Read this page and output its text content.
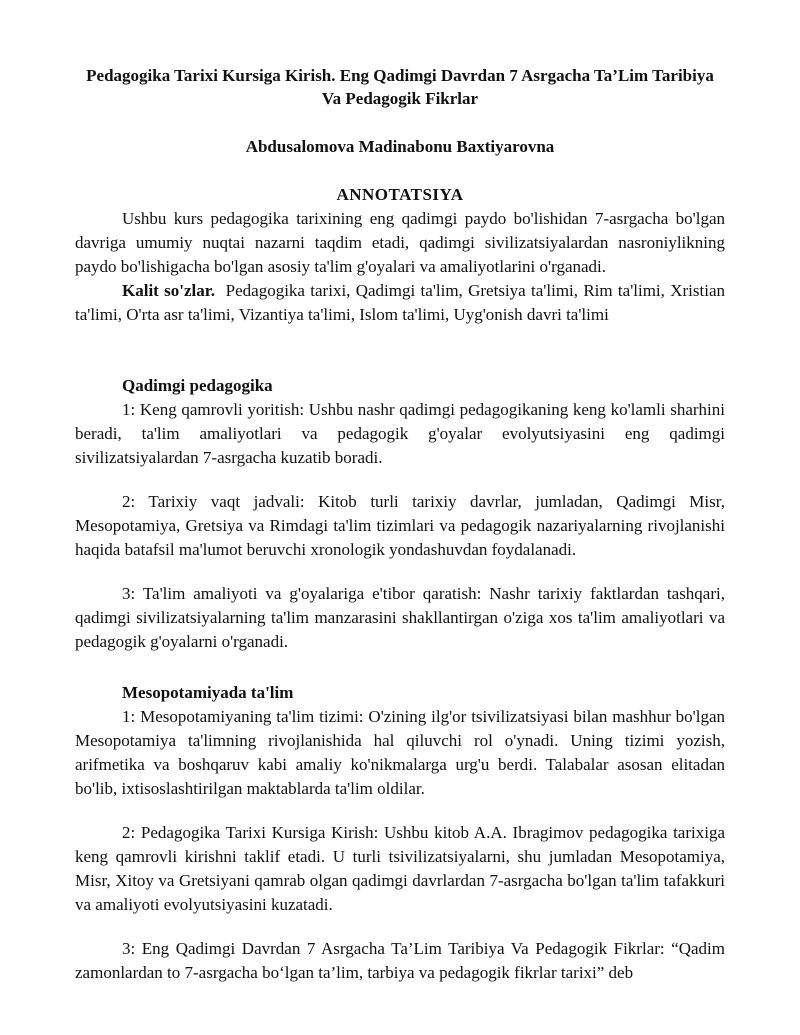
Pedagogika Tarixi Kursiga Kirish. Eng Qadimgi Davrdan 7 Asrgacha Ta’Lim Taribiya Va Pedagogik Fikrlar

Abdusalomova Madinabonu Baxtiyarovna

ANNOTATSIYA

Ushbu kurs pedagogika tarixining eng qadimgi paydo bo'lishidan 7-asrgacha bo'lgan davriga umumiy nuqtai nazarni taqdim etadi, qadimgi sivilizatsiyalardan nasroniylikning paydo bo'lishigacha bo'lgan asosiy ta'lim g'oyalari va amaliyotlarini o'rganadi.

Kalit so'zlar. Pedagogika tarixi, Qadimgi ta'lim, Gretsiya ta'limi, Rim ta'limi, Xristian ta'limi, O'rta asr ta'limi, Vizantiya ta'limi, Islom ta'limi, Uyg'onish davri ta'limi

Qadimgi pedagogika

1: Keng qamrovli yoritish: Ushbu nashr qadimgi pedagogikaning keng ko'lamli sharhini beradi, ta'lim amaliyotlari va pedagogik g'oyalar evolyutsiyasini eng qadimgi sivilizatsiyalardan 7-asrgacha kuzatib boradi.

2: Tarixiy vaqt jadvali: Kitob turli tarixiy davrlar, jumladan, Qadimgi Misr, Mesopotamiya, Gretsiya va Rimdagi ta'lim tizimlari va pedagogik nazariyalarning rivojlanishi haqida batafsil ma'lumot beruvchi xronologik yondashuvdan foydalanadi.

3: Ta'lim amaliyoti va g'oyalariga e'tibor qaratish: Nashr tarixiy faktlardan tashqari, qadimgi sivilizatsiyalarning ta'lim manzarasini shakllantirgan o'ziga xos ta'lim amaliyotlari va pedagogik g'oyalarni o'rganadi.

Mesopotamiyada ta'lim

1: Mesopotamiyaning ta'lim tizimi: O'zining ilg'or tsivilizatsiyasi bilan mashhur bo'lgan Mesopotamiya ta'limning rivojlanishida hal qiluvchi rol o'ynadi. Uning tizimi yozish, arifmetika va boshqaruv kabi amaliy ko'nikmalarga urg'u berdi. Talabalar asosan elitadan bo'lib, ixtisoslashtirilgan maktablarda ta'lim oldilar.

2: Pedagogika Tarixi Kursiga Kirish: Ushbu kitob A.A. Ibragimov pedagogika tarixiga keng qamrovli kirishni taklif etadi. U turli tsivilizatsiyalarni, shu jumladan Mesopotamiya, Misr, Xitoy va Gretsiyani qamrab olgan qadimgi davrlardan 7-asrgacha bo'lgan ta'lim tafakkuri va amaliyoti evolyutsiyasini kuzatadi.

3: Eng Qadimgi Davrdan 7 Asrgacha Ta’Lim Taribiya Va Pedagogik Fikrlar: “Qadim zamonlardan to 7-asrgacha bo‘lgan ta’lim, tarbiya va pedagogik fikrlar tarixi” deb
